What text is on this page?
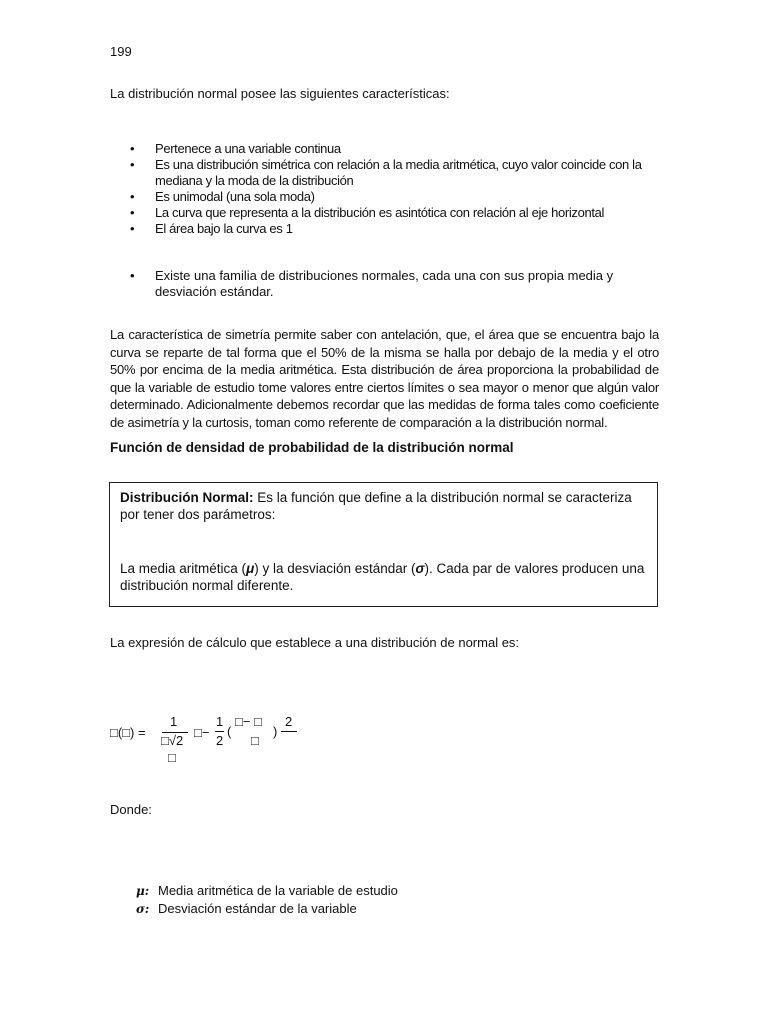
199
La distribución normal posee las siguientes características:
• Pertenece a una variable continua
• Es una distribución simétrica con relación a la media aritmética, cuyo valor coincide con la mediana y la moda de la distribución
• Es unimodal (una sola moda)
• La curva que representa a la distribución es asintótica con relación al eje horizontal
• El área bajo la curva es 1
• Existe una familia de distribuciones normales, cada una con sus propia media y desviación estándar.
La característica de simetría permite saber con antelación, que, el área que se encuentra bajo la curva se reparte de tal forma que el 50% de la misma se halla por debajo de la media y el otro 50% por encima de la media aritmética. Esta distribución de área proporciona la probabilidad de que la variable de estudio tome valores entre ciertos límites o sea mayor o menor que algún valor determinado. Adicionalmente debemos recordar que las medidas de forma tales como coeficiente de asimetría y la curtosis, toman como referente de comparación a la distribución normal.
Función de densidad de probabilidad de la distribución normal

Distribución Normal: Es la función que define a la distribución normal se caracteriza por tener dos parámetros:

La media aritmética (μ) y la desviación estándar (σ). Cada par de valores producen una distribución normal diferente.

La expresión de cálculo que establece a una distribución de normal es:
□(□) =
1
□√2
□
□−
1
2
(
□− □
□
)
2
Donde:
μ: Media aritmética de la variable de estudio
σ: Desviación estándar de la variable
